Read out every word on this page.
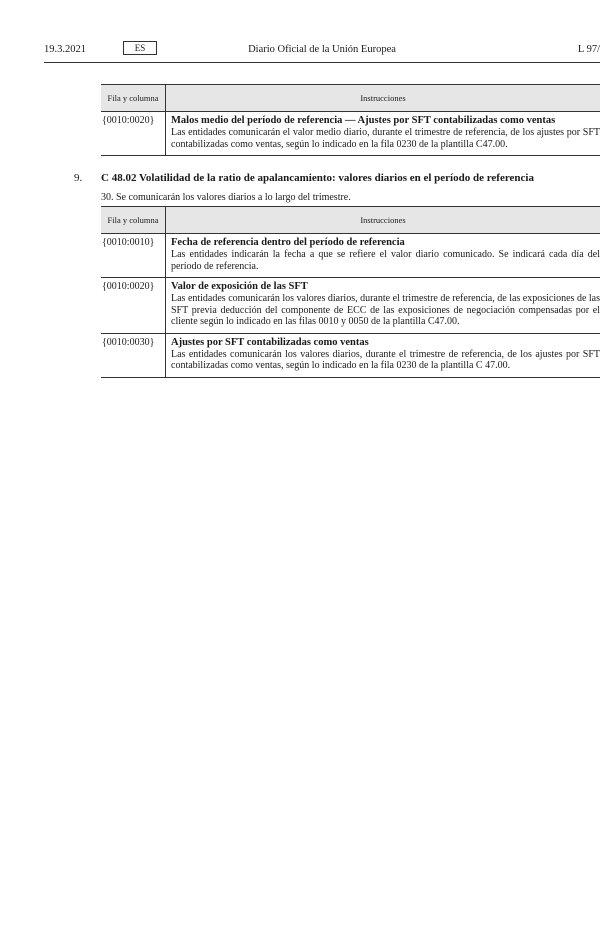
19.3.2021	ES	Diario Oficial de la Unión Europea	L 97/
Fila y columna	Instrucciones
{0010:0020}	Malos medio del período de referencia — Ajustes por SFT contabilizadas como ventas
Las entidades comunicarán el valor medio diario, durante el trimestre de referencia, de los ajustes por SFT contabilizadas como ventas, según lo indicado en la fila 0230 de la plantilla C47.00.
9. C 48.02 Volatilidad de la ratio de apalancamiento: valores diarios en el período de referencia
30. Se comunicarán los valores diarios a lo largo del trimestre.
Fila y columna	Instrucciones
{0010:0010}	Fecha de referencia dentro del período de referencia
Las entidades indicarán la fecha a que se refiere el valor diario comunicado. Se indicará cada día del período de referencia.

{0010:0020}	Valor de exposición de las SFT
Las entidades comunicarán los valores diarios, durante el trimestre de referencia, de las exposiciones de las SFT previa deducción del componente de ECC de las exposiciones de negociación compensadas por el cliente según lo indicado en las filas 0010 y 0050 de la plantilla C47.00.

{0010:0030}	Ajustes por SFT contabilizadas como ventas
Las entidades comunicarán los valores diarios, durante el trimestre de referencia, de los ajustes por SFT contabilizadas como ventas, según lo indicado en la fila 0230 de la plantilla C 47.00.
